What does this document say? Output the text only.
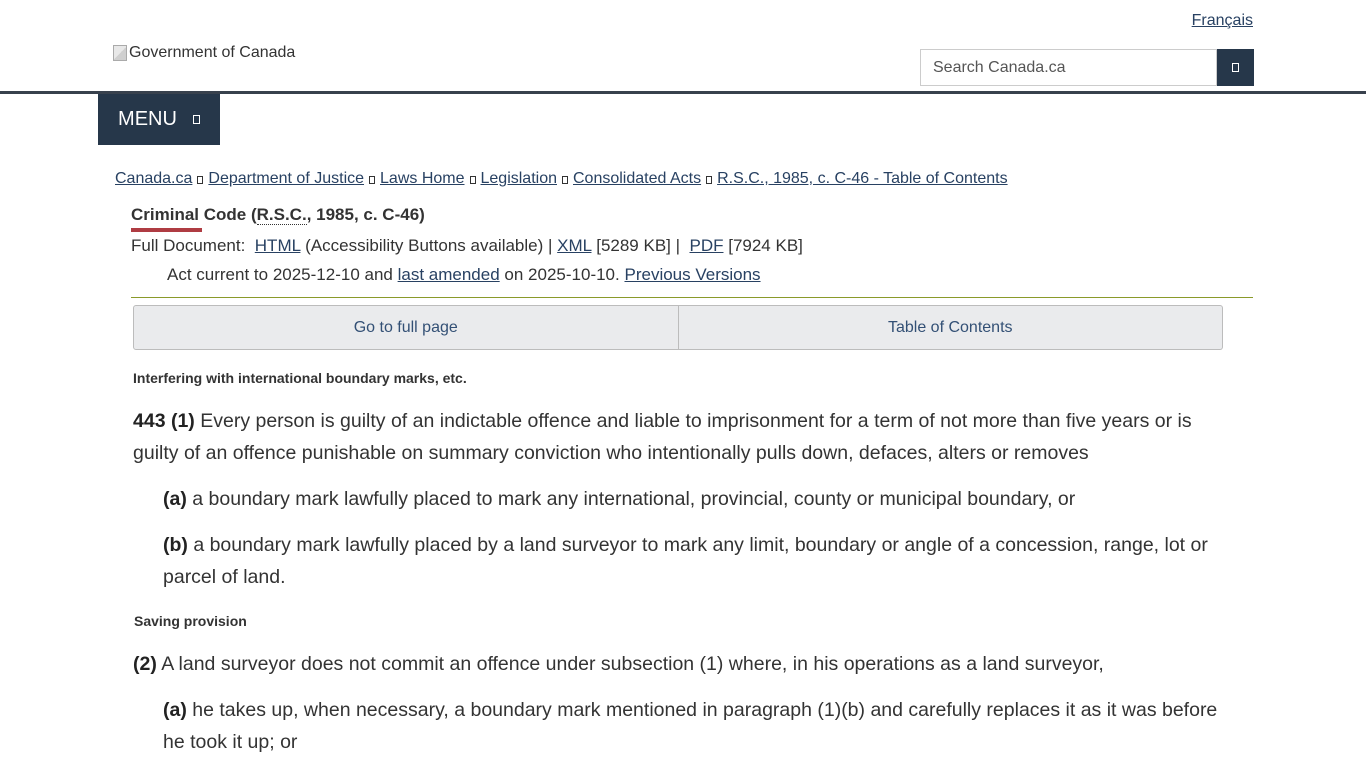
Français
Government of Canada
Search Canada.ca
MENU
Canada.ca Department of Justice Laws Home Legislation Consolidated Acts R.S.C., 1985, c. C-46 - Table of Contents
Criminal Code (R.S.C., 1985, c. C-46)
Full Document: HTML (Accessibility Buttons available) | XML [5289 KB] | PDF [7924 KB]
Act current to 2025-12-10 and last amended on 2025-10-10. Previous Versions
Go to full page	Table of Contents
Interfering with international boundary marks, etc.

443 (1) Every person is guilty of an indictable offence and liable to imprisonment for a term of not more than five years or is guilty of an offence punishable on summary conviction who intentionally pulls down, defaces, alters or removes

(a) a boundary mark lawfully placed to mark any international, provincial, county or municipal boundary, or

(b) a boundary mark lawfully placed by a land surveyor to mark any limit, boundary or angle of a concession, range, lot or parcel of land.

Saving provision

(2) A land surveyor does not commit an offence under subsection (1) where, in his operations as a land surveyor,

(a) he takes up, when necessary, a boundary mark mentioned in paragraph (1)(b) and carefully replaces it as it was before he took it up; or
